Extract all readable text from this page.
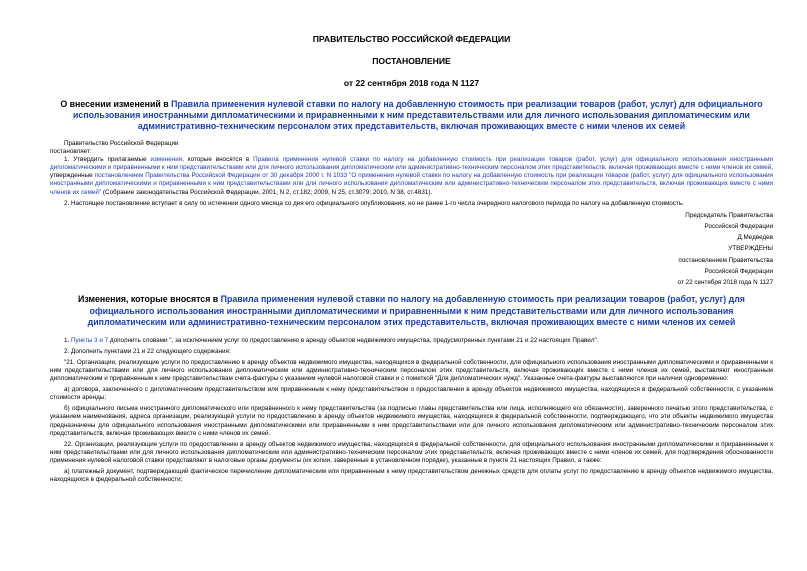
ПРАВИТЕЛЬСТВО РОССИЙСКОЙ ФЕДЕРАЦИИ
ПОСТАНОВЛЕНИЕ
от 22 сентября 2018 года N 1127
О внесении изменений в Правила применения нулевой ставки по налогу на добавленную стоимость при реализации товаров (работ, услуг) для официального использования иностранными дипломатическими и приравненными к ним представительствами или для личного использования дипломатическим или административно-техническим персоналом этих представительств, включая проживающих вместе с ними членов их семей

Правительство Российской Федерации

постановляет:

1. Утвердить прилагаемые изменения, которые вносятся в Правила применения нулевой ставки по налогу на добавленную стоимость при реализации товаров (работ, услуг) для официального использования иностранными дипломатическими и приравненными к ним представительствами или для личного использования дипломатическим или административно-техническим персоналом этих представительств, включая проживающих вместе с ними членов их семей, утвержденные постановлением Правительства Российской Федерации от 30 декабря 2000 г. N 1033 "О применении нулевой ставки по налогу на добавленную стоимость при реализации товаров (работ, услуг) для официального использования иностранными дипломатическими и приравненными к ним представительствами или для личного использования дипломатическим или административно-техническим персоналом этих представительств, включая проживающих вместе с ними членов их семей" (Собрание законодательства Российской Федерации, 2001, N 2, ст.182; 2009, N 25, ст.3079; 2010, N 38, ст.4831).

2. Настоящее постановление вступает в силу по истечении одного месяца со дня его официального опубликования, но не ранее 1-го числа очередного налогового периода по налогу на добавленную стоимость.

Председатель Правительства
Российской Федерации
Д.Медведев
УТВЕРЖДЕНЫ
постановлением Правительства
Российской Федерации
от 22 сентября 2018 года N 1127
Изменения, которые вносятся в Правила применения нулевой ставки по налогу на добавленную стоимость при реализации товаров (работ, услуг) для официального использования иностранными дипломатическими и приравненными к ним представительствами или для личного использования дипломатическим или административно-техническим персоналом этих представительств, включая проживающих вместе с ними членов их семей

1. Пункты 3 и 7 дополнить словами ", за исключением услуг по предоставлению в аренду объектов недвижимого имущества, предусмотренных пунктами 21 и 22 настоящих Правил".

2. Дополнить пунктами 21 и 22 следующего содержания:

"21. Организации, реализующие услуги по предоставлению в аренду объектов недвижимого имущества, находящихся в федеральной собственности, для официального использования иностранными дипломатическими и приравненными к ним представительствами или для личного использования дипломатическим или административно-техническим персоналом этих представительств, включая проживающих вместе с ними членов их семей, выставляют иностранным дипломатическим и приравненным к ним представительствам счета-фактуры с указанием нулевой налоговой ставки и с пометкой "Для дипломатических нужд". Указанные счета-фактуры выставляются при наличии одновременно:

а) договора, заключенного с дипломатическим представительством или приравненным к нему представительством о предоставлении в аренду объектов недвижимого имущества, находящихся в федеральной собственности, с указанием стоимости аренды;

б) официального письма иностранного дипломатического или приравненного к нему представительства (за подписью главы представительства или лица, исполняющего его обязанности), заверенного печатью этого представительства, с указанием наименования, адреса организации, реализующей услуги по предоставлению в аренду объектов недвижимого имущества, находящихся в федеральной собственности, подтверждающего, что эти объекты недвижимого имущества предназначены для официального использования иностранными дипломатическими или приравненными к ним представительствами или для личного использования дипломатическим или административно-техническим персоналом этих представительств, включая проживающих вместе с ними членов их семей.

22. Организации, реализующие услуги по предоставлению в аренду объектов недвижимого имущества, находящихся в федеральной собственности, для официального использования иностранными дипломатическими и приравненными к ним представительствами или для личного использования дипломатическим или административно-техническим персоналом этих представительств, включая проживающих вместе с ними членов их семей, для подтверждения обоснованности применения нулевой налоговой ставки представляют в налоговые органы документы (их копии, заверенные в установленном порядке), указанные в пункте 21 настоящих Правил, а также:

а) платежный документ, подтверждающий фактическое перечисление дипломатическим или приравненным к нему представительством денежных средств для оплаты услуг по предоставлению в аренду объектов недвижимого имущества, находящихся в федеральной собственности;
